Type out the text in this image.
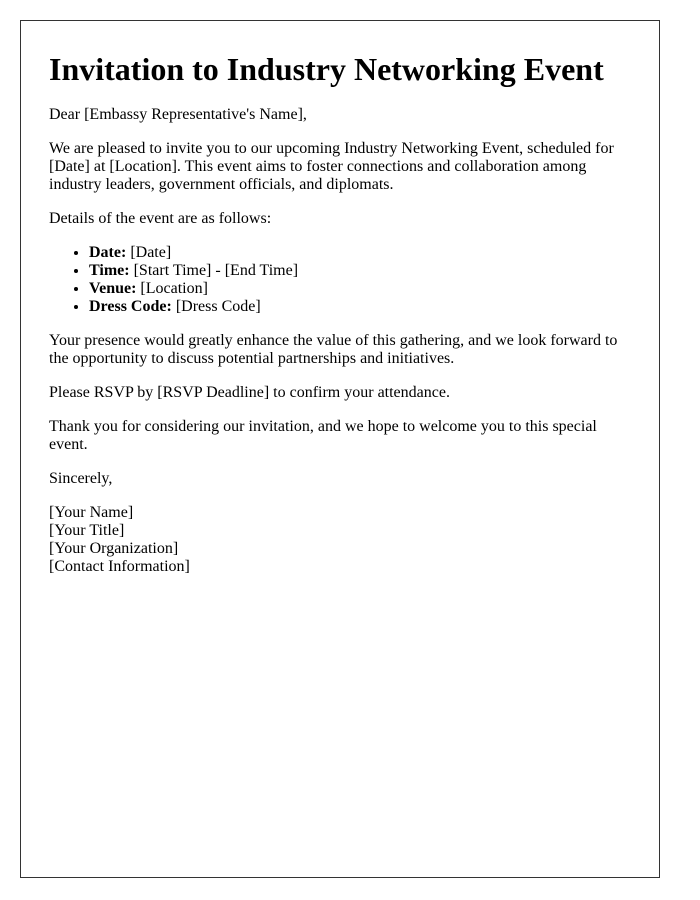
Invitation to Industry Networking Event

Dear [Embassy Representative's Name],

We are pleased to invite you to our upcoming Industry Networking Event, scheduled for [Date] at [Location]. This event aims to foster connections and collaboration among industry leaders, government officials, and diplomats.

Details of the event are as follows:

• Date: [Date]
• Time: [Start Time] - [End Time]
• Venue: [Location]
• Dress Code: [Dress Code]

Your presence would greatly enhance the value of this gathering, and we look forward to the opportunity to discuss potential partnerships and initiatives.

Please RSVP by [RSVP Deadline] to confirm your attendance.

Thank you for considering our invitation, and we hope to welcome you to this special event.

Sincerely,

[Your Name]
[Your Title]
[Your Organization]
[Contact Information]
